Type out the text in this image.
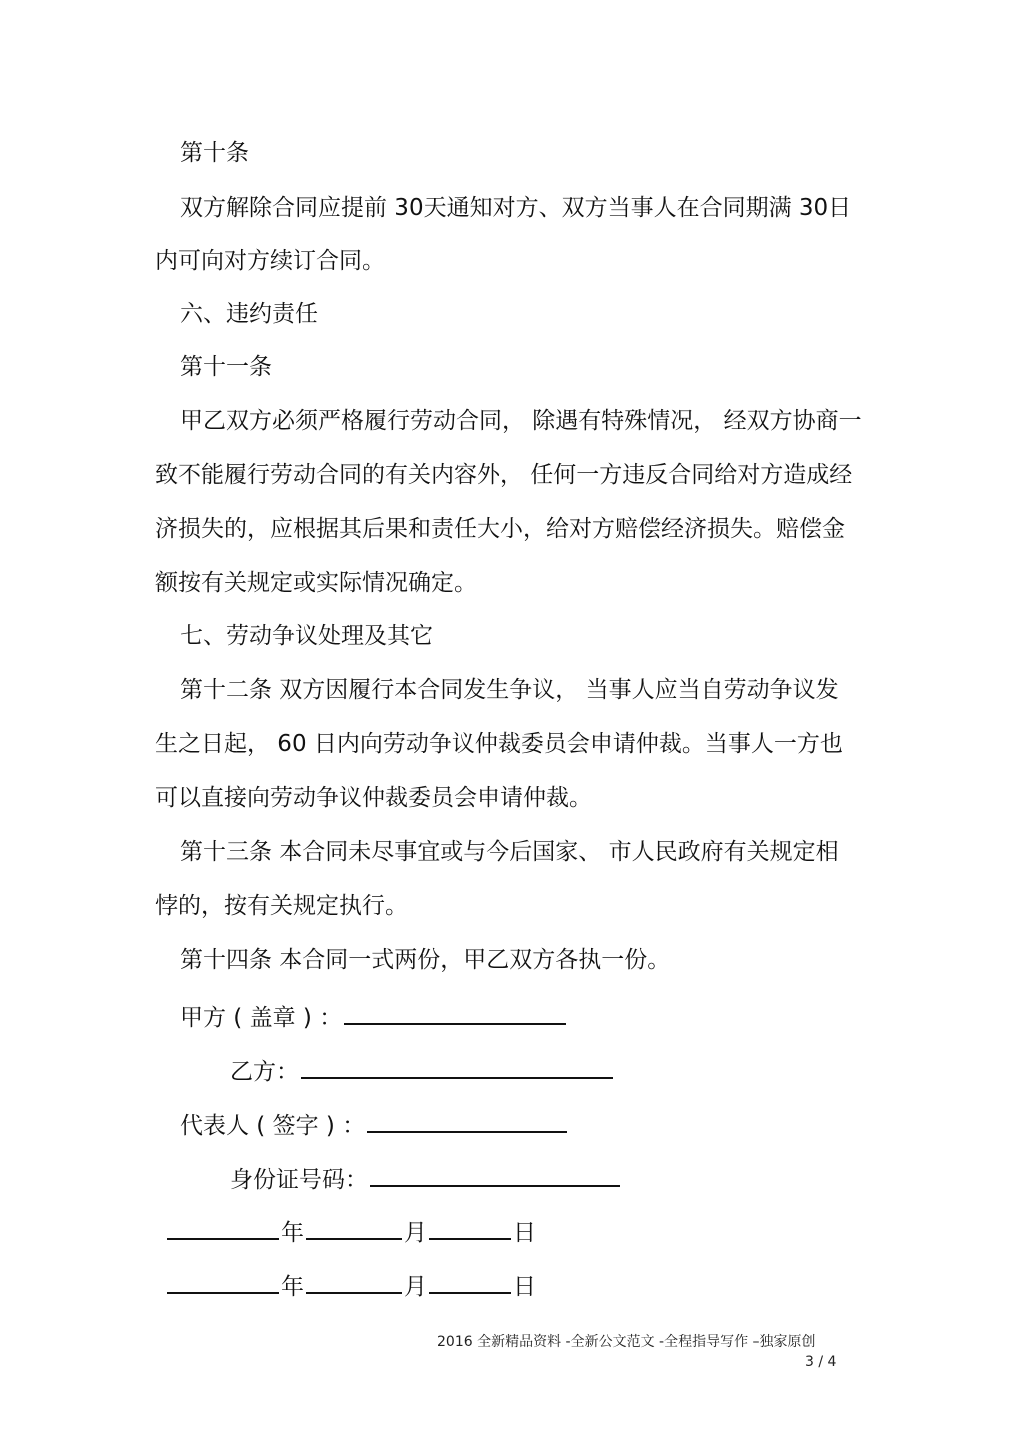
第十条
双方解除合同应提前 30天通知对方、双方当事人在合同期满 30日
内可向对方续订合同。
六、违约责任
第十一条
甲乙双方必须严格履行劳动合同， 除遇有特殊情况， 经双方协商一
致不能履行劳动合同的有关内容外， 任何一方违反合同给对方造成经
济损失的，应根据其后果和责任大小，给对方赔偿经济损失。赔偿金
额按有关规定或实际情况确定。
七、劳动争议处理及其它
第十二条 双方因履行本合同发生争议， 当事人应当自劳动争议发
生之日起， 60 日内向劳动争议仲裁委员会申请仲裁。当事人一方也
可以直接向劳动争议仲裁委员会申请仲裁。
第十三条 本合同未尽事宜或与今后国家、 市人民政府有关规定相
悖的，按有关规定执行。
第十四条 本合同一式两份，甲乙双方各执一份。
甲方 ( 盖章 ) ：
乙方：
代表人 ( 签字 ) ：
身份证号码：
年	月	日
年	月	日
2016 全新精品资料 -全新公文范文 -全程指导写作 –独家原创
3 / 4
